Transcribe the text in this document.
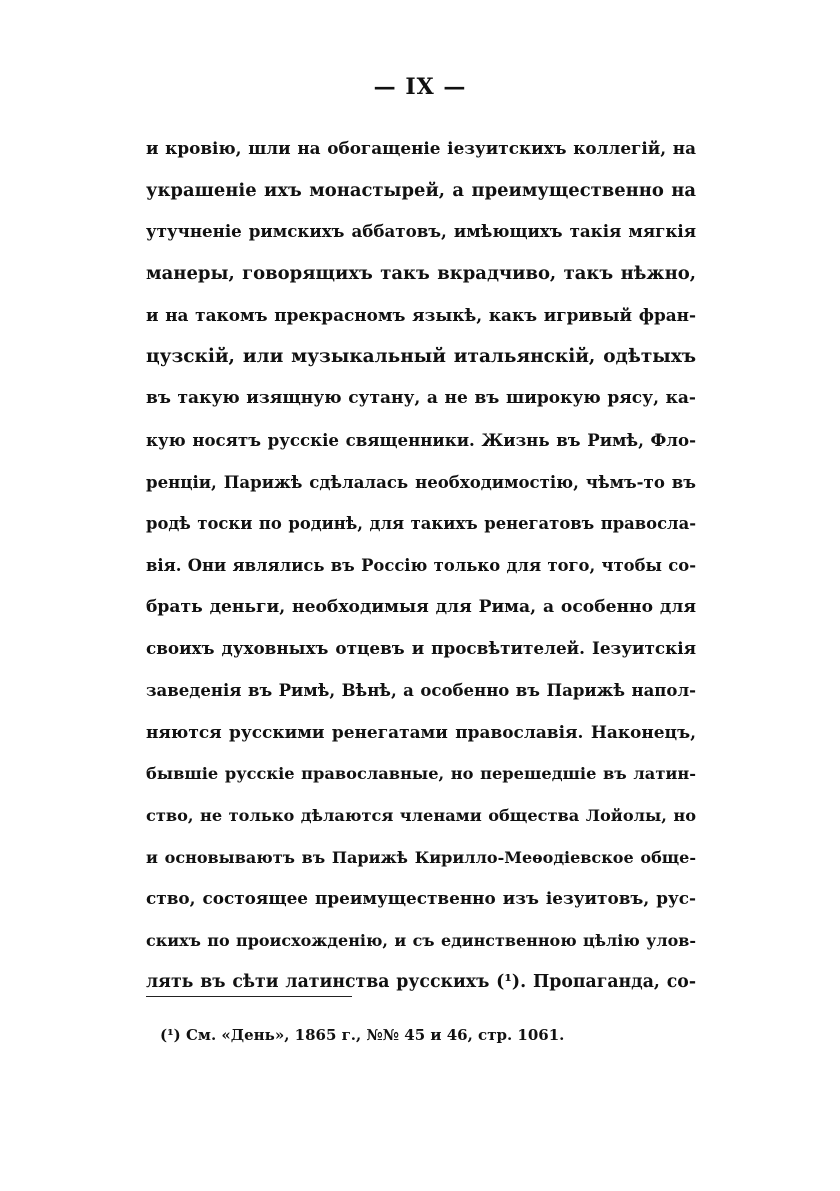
— IX —
и кровію, шли на обогащеніе іезуитскихъ коллегій, на
украшеніе ихъ монастырей, а преимущественно на
утучненіе римскихъ аббатовъ, имѣющихъ такія мягкія
манеры, говорящихъ такъ вкрадчиво, такъ нѣжно,
и на такомъ прекрасномъ языкѣ, какъ игривый фран-
цузскій, или музыкальный итальянскій, одѣтыхъ
въ такую изящную сутану, а не въ широкую рясу, ка-
кую носятъ русскіе священники. Жизнь въ Римѣ, Фло-
ренціи, Парижѣ сдѣлалась необходимостію, чѣмъ-то въ
родѣ тоски по родинѣ, для такихъ ренегатовъ правосла-
вія. Они являлись въ Россію только для того, чтобы со-
брать деньги, необходимыя для Рима, а особенно для
своихъ духовныхъ отцевъ и просвѣтителей. Іезуитскія
заведенія въ Римѣ, Вѣнѣ, а особенно въ Парижѣ напол-
няются русскими ренегатами православія. Наконецъ,
бывшіе русскіе православные, но перешедшіе въ латин-
ство, не только дѣлаются членами общества Лойолы, но
и основываютъ въ Парижѣ Кирилло-Меѳодіевское обще-
ство, состоящее преимущественно изъ іезуитовъ, рус-
скихъ по происхожденію, и съ единственною цѣлію улов-
лять въ сѣти латинства русскихъ (¹). Пропаганда, со-
(¹) См. «День», 1865 г., №№ 45 и 46, стр. 1061.
